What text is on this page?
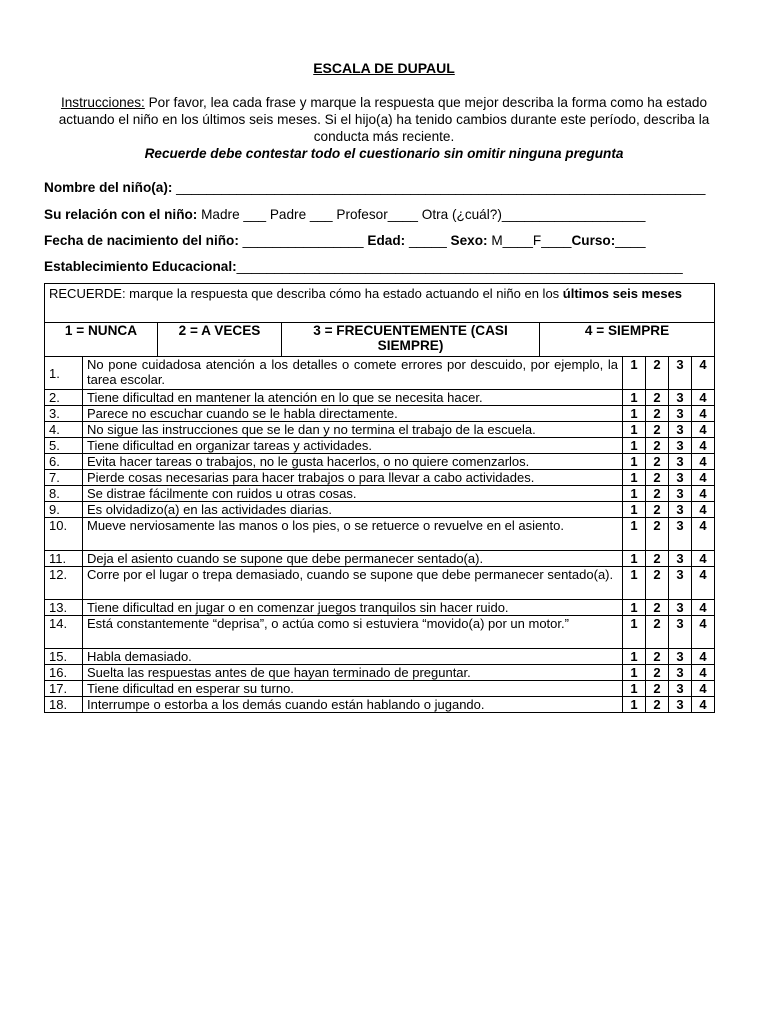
ESCALA DE DUPAUL
Instrucciones: Por favor, lea cada frase y marque la respuesta que mejor describa la forma como ha estado actuando el niño en los últimos seis meses. Si el hijo(a) ha tenido cambios durante este período, describa la conducta más reciente.
Recuerde debe contestar todo el cuestionario sin omitir ninguna pregunta
Nombre del niño(a): ______________________________________________________________________
Su relación con el niño: Madre ___ Padre ___ Profesor____ Otra (¿cuál?)___________________
Fecha de nacimiento del niño: ________________ Edad: _____ Sexo: M____F____Curso:____
Establecimiento Educacional:___________________________________________________________
RECUERDE: marque la respuesta que describa cómo ha estado actuando el niño en los últimos seis meses								
1 = NUNCA		2 = A VECES	3 = FRECUENTEMENTE (CASI SIEMPRE)	4 = SIEMPRE				
1.	No pone cuidadosa atención a los detalles o comete errores por descuido, por ejemplo, la tarea escolar.				1	2	3	4
2.	Tiene dificultad en mantener la atención en lo que se necesita hacer.				1	2	3	4
3.	Parece no escuchar cuando se le habla directamente.				1	2	3	4
4.	No sigue las instrucciones que se le dan y no termina el trabajo de la escuela.				1	2	3	4
5.	Tiene dificultad en organizar tareas y actividades.				1	2	3	4
6.	Evita hacer tareas o trabajos, no le gusta hacerlos, o no quiere comenzarlos.				1	2	3	4
7.	Pierde cosas necesarias para hacer trabajos o para llevar a cabo actividades.				1	2	3	4
8.	Se distrae fácilmente con ruidos u otras cosas.				1	2	3	4
9.	Es olvidadizo(a) en las actividades diarias.				1	2	3	4
10.	Mueve nerviosamente las manos o los pies, o se retuerce o revuelve en el asiento.				1	2	3	4
11.	Deja el asiento cuando se supone que debe permanecer sentado(a).				1	2	3	4
12.	Corre por el lugar o trepa demasiado, cuando se supone que debe permanecer sentado(a).				1	2	3	4
13.	Tiene dificultad en jugar o en comenzar juegos tranquilos sin hacer ruido.				1	2	3	4
14.	Está constantemente “deprisa”, o actúa como si estuviera “movido(a) por un motor.”				1	2	3	4
15.	Habla demasiado.				1	2	3	4
16.	Suelta las respuestas antes de que hayan terminado de preguntar.				1	2	3	4
17.	Tiene dificultad en esperar su turno.				1	2	3	4
18.	Interrumpe o estorba a los demás cuando están hablando o jugando.				1	2	3	4
